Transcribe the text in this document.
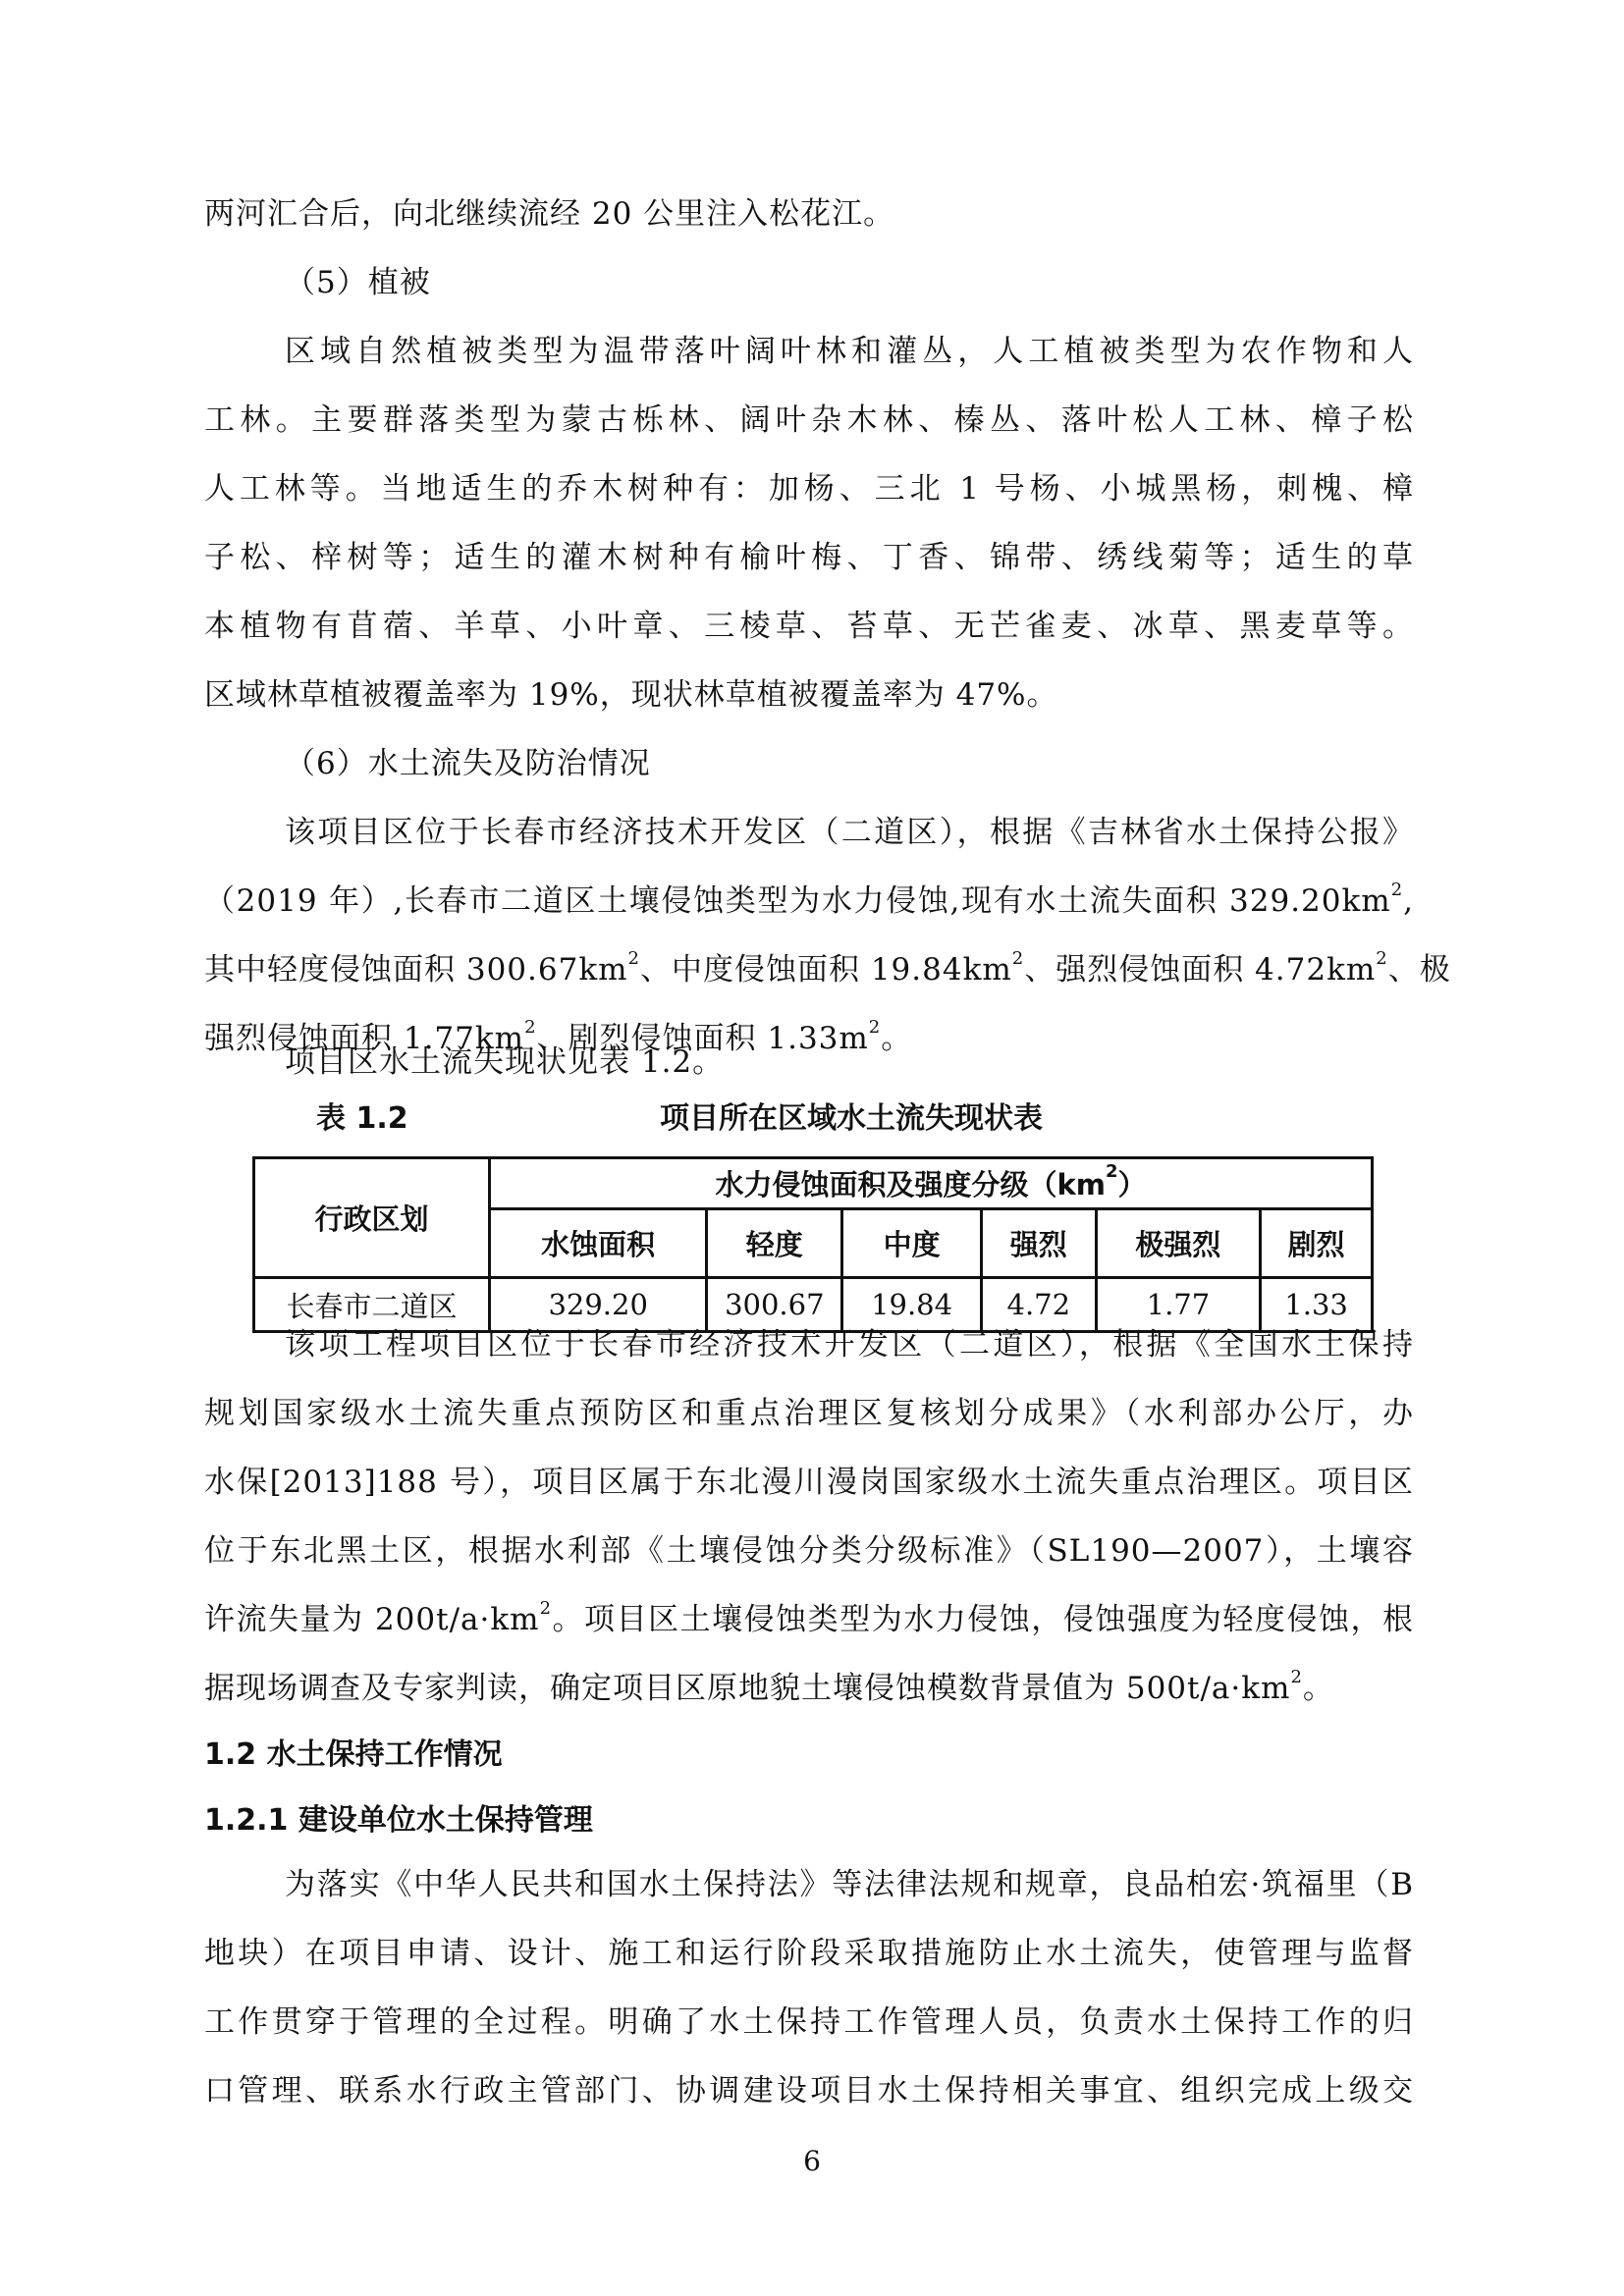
两河汇合后，向北继续流经 20 公里注入松花江。
（5）植被
区域自然植被类型为温带落叶阔叶林和灌丛，人工植被类型为农作物和人
工林。主要群落类型为蒙古栎林、阔叶杂木林、榛丛、落叶松人工林、樟子松
人工林等。当地适生的乔木树种有：加杨、三北 1 号杨、小城黑杨，刺槐、樟
子松、梓树等；适生的灌木树种有榆叶梅、丁香、锦带、绣线菊等；适生的草
本植物有苜蓿、羊草、小叶章、三棱草、苔草、无芒雀麦、冰草、黑麦草等。
区域林草植被覆盖率为 19%，现状林草植被覆盖率为 47%。
（6）水土流失及防治情况
该项目区位于长春市经济技术开发区（二道区），根据《吉林省水土保持公报》
（2019 年）,长春市二道区土壤侵蚀类型为水力侵蚀,现有水土流失面积 $329.20km^2$,
其中轻度侵蚀面积 $300.67km^2$、中度侵蚀面积 $19.84km^2$、强烈侵蚀面积 $4.72km^2$、极
强烈侵蚀面积 $1.77km^2$、剧烈侵蚀面积 $1.33m^2$。
项目区水土流失现状见表 1.2。
表 1.2	项目所在区域水土流失现状表
行政区划	水力侵蚀面积及强度分级$(km^2)$					
	水蚀面积	轻度	中度	强烈	极强烈	剧烈
长春市二道区	329.20	300.67	19.84	4.72	1.77	1.33
该项工程项目区位于长春市经济技术开发区（二道区），根据《全国水土保持
规划国家级水土流失重点预防区和重点治理区复核划分成果》（水利部办公厅，办
水保[2013]188 号），项目区属于东北漫川漫岗国家级水土流失重点治理区。项目区
位于东北黑土区，根据水利部《土壤侵蚀分类分级标准》（SL190—2007），土壤容
许流失量为 $200t/a\cdot km^2$。项目区土壤侵蚀类型为水力侵蚀，侵蚀强度为轻度侵蚀，根
据现场调查及专家判读，确定项目区原地貌土壤侵蚀模数背景值为 $500t/a\cdot km^2$。
1.2 水土保持工作情况
1.2.1 建设单位水土保持管理
为落实《中华人民共和国水土保持法》等法律法规和规章，良品柏宏·筑福里（B
地块）在项目申请、设计、施工和运行阶段采取措施防止水土流失，使管理与监督
工作贯穿于管理的全过程。明确了水土保持工作管理人员，负责水土保持工作的归
口管理、联系水行政主管部门、协调建设项目水土保持相关事宜、组织完成上级交
6
